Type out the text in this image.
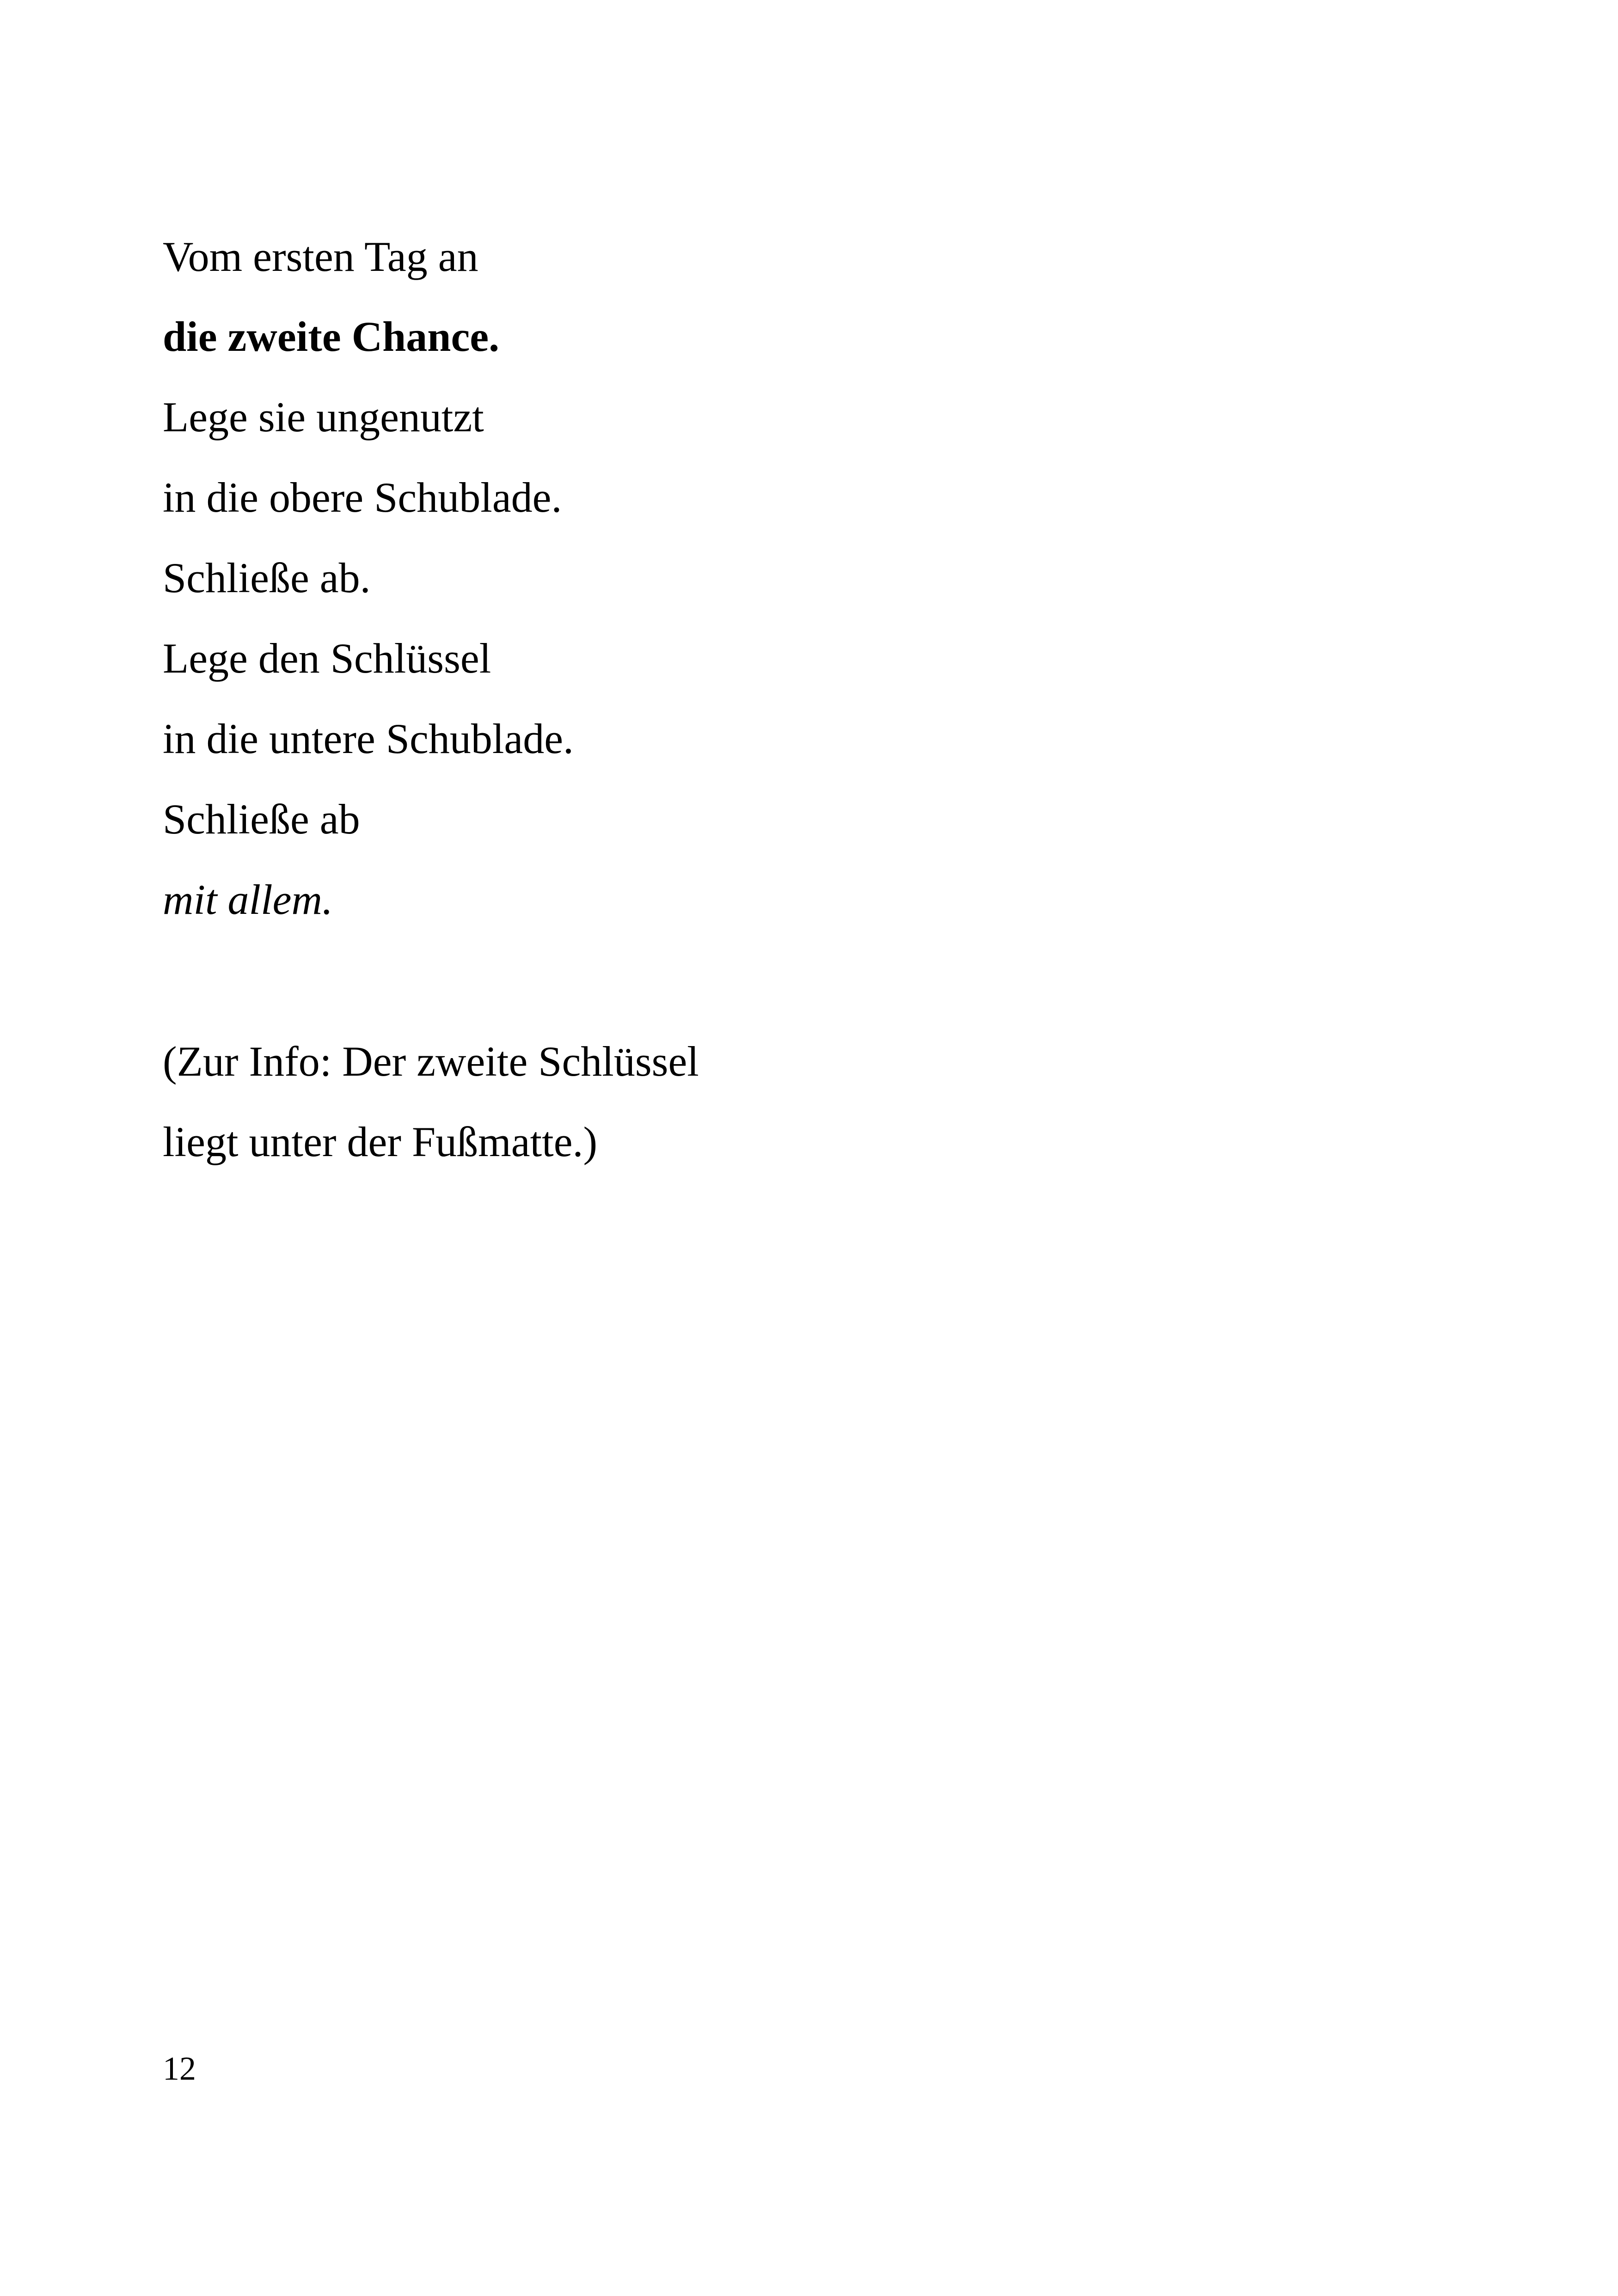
Vom ersten Tag an
die zweite Chance.
Lege sie ungenutzt
in die obere Schublade.
Schließe ab.
Lege den Schlüssel
in die untere Schublade.
Schließe ab
mit allem.
(Zur Info: Der zweite Schlüssel
liegt unter der Fußmatte.)
12
